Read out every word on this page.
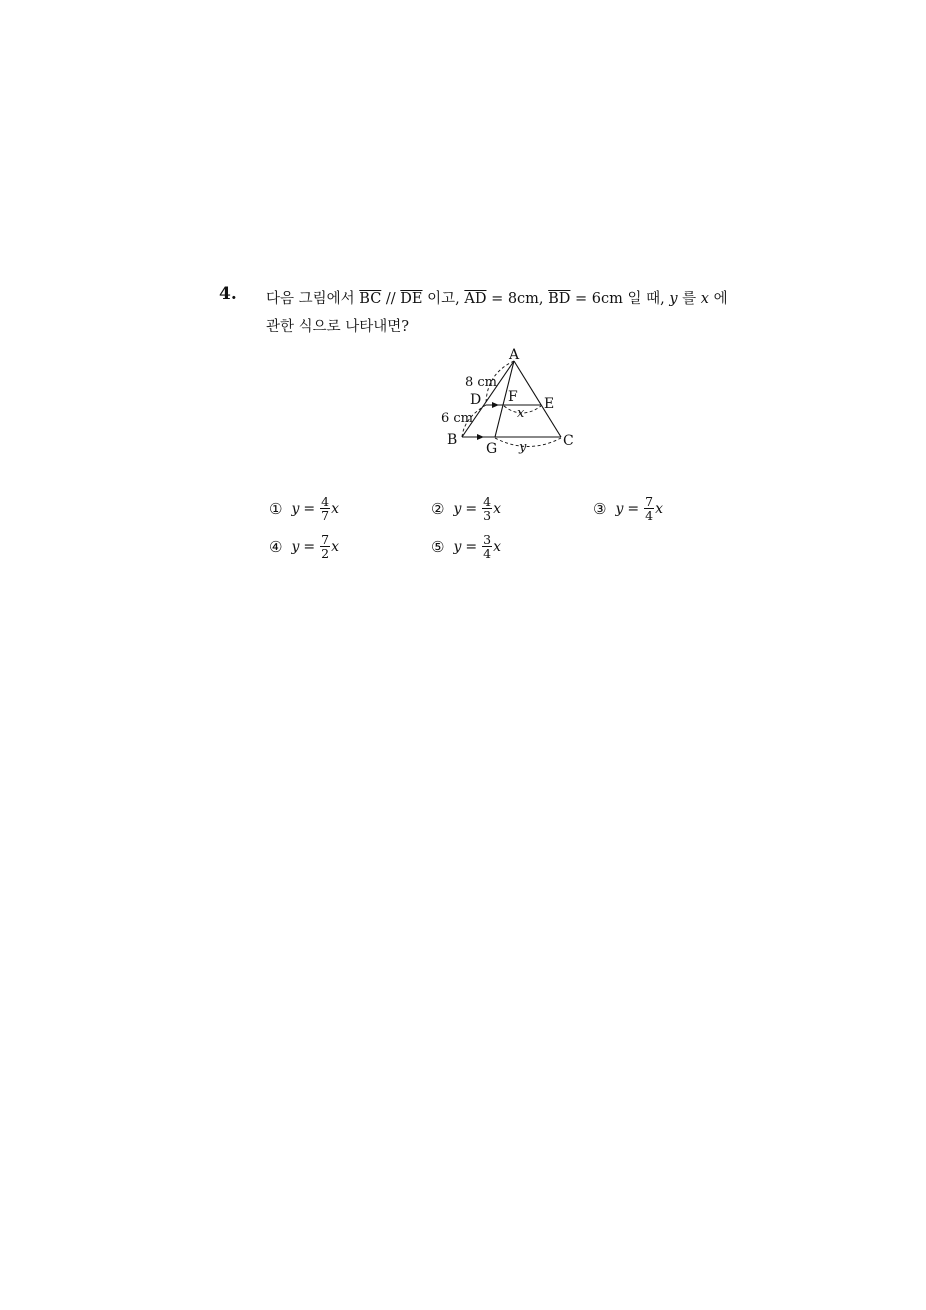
4. 다음 그림에서 $\overline{BC} // \overline{DE}$ 이고, $\overline{AD} = 8cm$, $\overline{BD} = 6cm$ 일 때, y 를 x 에
관한 식으로 나타내면?
A
B	C
D	E
F
G
8 cm
6 cm	x
y
① $y = \frac{4}{7}$ x	② $y = \frac{4}{3}$ x	③ $y = \frac{7}{4}$ x
④ $y = \frac{7}{2}$ x	⑤ $y = \frac{3}{4}$ x
